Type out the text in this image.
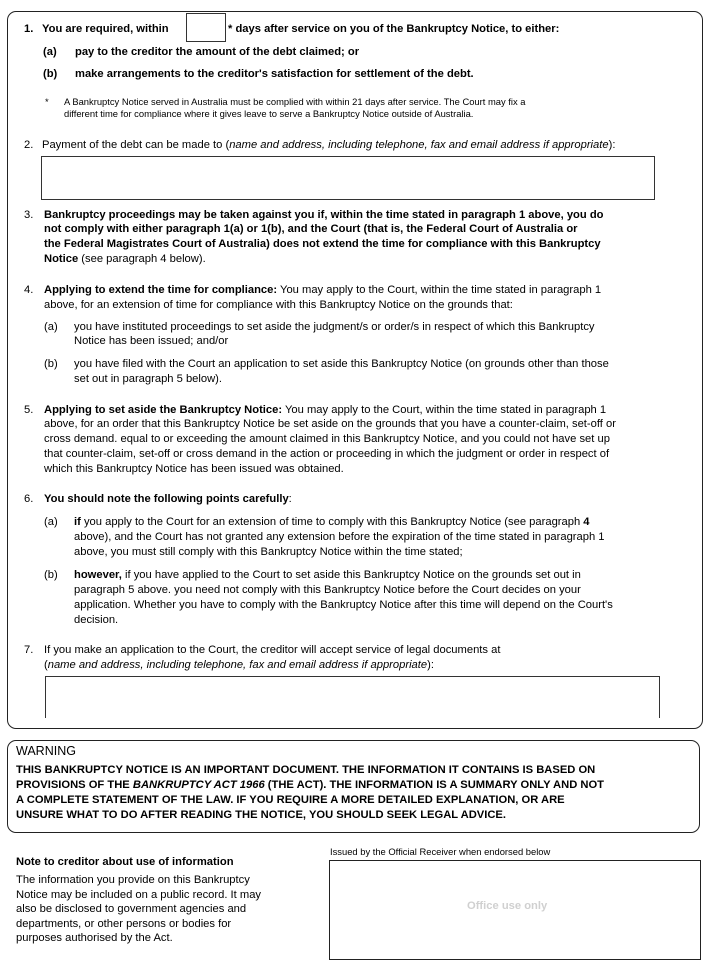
1. You are required, within	* days after service on you of the Bankruptcy Notice, to either:
(a) pay to the creditor the amount of the debt claimed; or
(b) make arrangements to the creditor's satisfaction for settlement of the debt.
* A Bankruptcy Notice served in Australia must be complied with within 21 days after service. The Court may fix a
different time for compliance where it gives leave to serve a Bankruptcy Notice outside of Australia.
2. Payment of the debt can be made to (name and address, including telephone, fax and email address if appropriate):
3. Bankruptcy proceedings may be taken against you if, within the time stated in paragraph 1 above, you do
not comply with either paragraph 1(a) or 1(b), and the Court (that is, the Federal Court of Australia or
the Federal Magistrates Court of Australia) does not extend the time for compliance with this Bankruptcy
Notice (see paragraph 4 below).
4. Applying to extend the time for compliance: You may apply to the Court, within the time stated in paragraph 1
above, for an extension of time for compliance with this Bankruptcy Notice on the grounds that:
(a) you have instituted proceedings to set aside the judgment/s or order/s in respect of which this Bankruptcy
Notice has been issued; and/or
(b) you have filed with the Court an application to set aside this Bankruptcy Notice (on grounds other than those
set out in paragraph 5 below).
5. Applying to set aside the Bankruptcy Notice: You may apply to the Court, within the time stated in paragraph 1
above, for an order that this Bankruptcy Notice be set aside on the grounds that you have a counter-claim, set-off or
cross demand. equal to or exceeding the amount claimed in this Bankruptcy Notice, and you could not have set up
that counter-claim, set-off or cross demand in the action or proceeding in which the judgment or order in respect of
which this Bankruptcy Notice has been issued was obtained.
6. You should note the following points carefully:
(a) if you apply to the Court for an extension of time to comply with this Bankruptcy Notice (see paragraph 4
above), and the Court has not granted any extension before the expiration of the time stated in paragraph 1
above, you must still comply with this Bankruptcy Notice within the time stated;
(b) however, if you have applied to the Court to set aside this Bankruptcy Notice on the grounds set out in
paragraph 5 above. you need not comply with this Bankruptcy Notice before the Court decides on your
application. Whether you have to comply with the Bankruptcy Notice after this time will depend on the Court's
decision.
7. If you make an application to the Court, the creditor will accept service of legal documents at
(name and address, including telephone, fax and email address if appropriate):
WARNING
THIS BANKRUPTCY NOTICE IS AN IMPORTANT DOCUMENT. THE INFORMATION IT CONTAINS IS BASED ON
PROVISIONS OF THE BANKRUPTCY ACT 1966 (THE ACT). THE INFORMATION IS A SUMMARY ONLY AND NOT
A COMPLETE STATEMENT OF THE LAW. IF YOU REQUIRE A MORE DETAILED EXPLANATION, OR ARE
UNSURE WHAT TO DO AFTER READING THE NOTICE, YOU SHOULD SEEK LEGAL ADVICE.
Note to creditor about use of information
The information you provide on this Bankruptcy
Notice may be included on a public record. It may
also be disclosed to government agencies and
departments, or other persons or bodies for
purposes authorised by the Act.
Issued by the Official Receiver when endorsed below
Office use only
